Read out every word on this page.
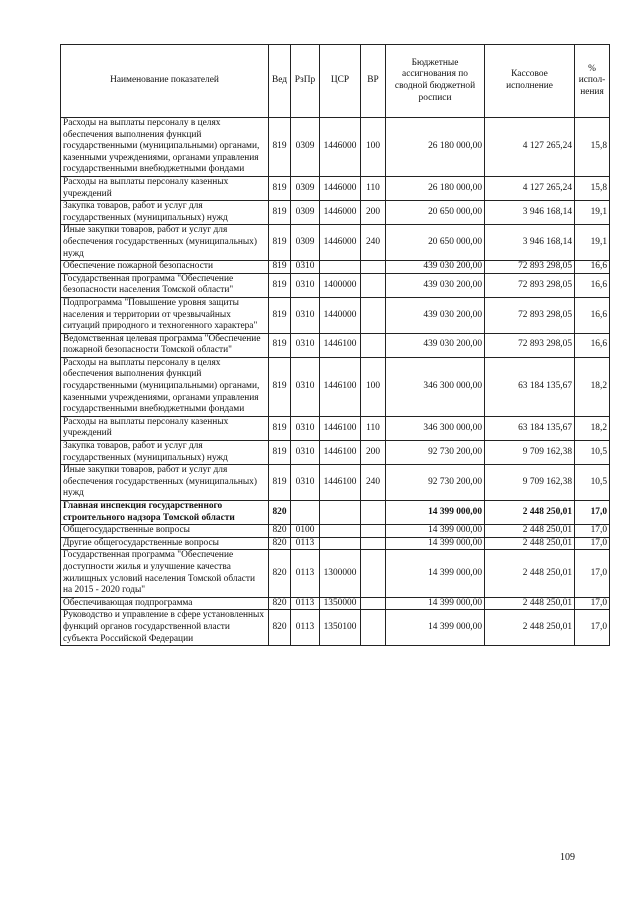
Наименование показателей	Вед	РзПр	ЦСР	ВР	Бюджетные ассигнования по сводной бюджетной росписи	Кассовое исполнение	% испол-нения
Расходы на выплаты персоналу в целях обеспечения выполнения функций государственными (муниципальными) органами, казенными учреждениями, органами управления государственными внебюджетными фондами	819	0309	1446000	100	26 180 000,00	4 127 265,24	15,8
Расходы на выплаты персоналу казенных учреждений	819	0309	1446000	110	26 180 000,00	4 127 265,24	15,8
Закупка товаров, работ и услуг для государственных (муниципальных) нужд	819	0309	1446000	200	20 650 000,00	3 946 168,14	19,1
Иные закупки товаров, работ и услуг для обеспечения государственных (муниципальных) нужд	819	0309	1446000	240	20 650 000,00	3 946 168,14	19,1
Обеспечение пожарной безопасности	819	0310			439 030 200,00	72 893 298,05	16,6
Государственная программа "Обеспечение безопасности населения Томской области"	819	0310	1400000		439 030 200,00	72 893 298,05	16,6
Подпрограмма "Повышение уровня защиты населения и территории от чрезвычайных ситуаций природного и техногенного характера"	819	0310	1440000		439 030 200,00	72 893 298,05	16,6
Ведомственная целевая программа "Обеспечение пожарной безопасности Томской области"	819	0310	1446100		439 030 200,00	72 893 298,05	16,6
Расходы на выплаты персоналу в целях обеспечения выполнения функций государственными (муниципальными) органами, казенными учреждениями, органами управления государственными внебюджетными фондами	819	0310	1446100	100	346 300 000,00	63 184 135,67	18,2
Расходы на выплаты персоналу казенных учреждений	819	0310	1446100	110	346 300 000,00	63 184 135,67	18,2
Закупка товаров, работ и услуг для государственных (муниципальных) нужд	819	0310	1446100	200	92 730 200,00	9 709 162,38	10,5
Иные закупки товаров, работ и услуг для обеспечения государственных (муниципальных) нужд	819	0310	1446100	240	92 730 200,00	9 709 162,38	10,5
Главная инспекция государственного строительного надзора Томской области	820				14 399 000,00	2 448 250,01	17,0
Общегосударственные вопросы	820	0100			14 399 000,00	2 448 250,01	17,0
Другие общегосударственные вопросы	820	0113			14 399 000,00	2 448 250,01	17,0
Государственная программа "Обеспечение доступности жилья и улучшение качества жилищных условий населения Томской области на 2015 - 2020 годы"	820	0113	1300000		14 399 000,00	2 448 250,01	17,0
Обеспечивающая подпрограмма	820	0113	1350000		14 399 000,00	2 448 250,01	17,0
Руководство и управление в сфере установленных функций органов государственной власти субъекта Российской Федерации	820	0113	1350100		14 399 000,00	2 448 250,01	17,0
109
